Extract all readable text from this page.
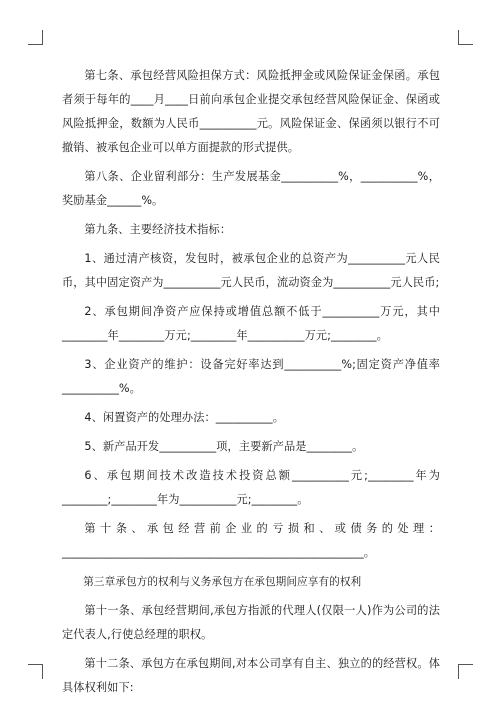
第七条、承包经营风险担保方式：风险抵押金或风险保证金保函。承包者须于每年的____月____日前向承包企业提交承包经营风险保证金、保函或风险抵押金，数额为人民币__________元。风险保证金、保函须以银行不可撤销、被承包企业可以单方面提款的形式提供。

第八条、企业留利部分：生产发展基金__________%，__________%，奖励基金______%。

第九条、主要经济技术指标：

1、通过清产核资，发包时，被承包企业的总资产为__________元人民币，其中固定资产为__________元人民币，流动资金为__________元人民币;

2、承包期间净资产应保持或增值总额不低于__________万元，其中________年________万元;________年__________万元;________。

3、企业资产的维护：设备完好率达到__________%;固定资产净值率__________%。

4、闲置资产的处理办法：__________。

5、新产品开发__________项，主要新产品是________。

6、承包期间技术改造技术投资总额__________元;________年为________;________年为__________元;________。

第十条、承包经营前企业的亏损和、或债务的处理：_____________________________________________________。

第三章承包方的权利与义务承包方在承包期间应享有的权利

第十一条、承包经营期间,承包方指派的代理人(仅限一人)作为公司的法定代表人,行使总经理的职权。

第十二条、承包方在承包期间,对本公司享有自主、独立的的经营权。体具体权利如下:
